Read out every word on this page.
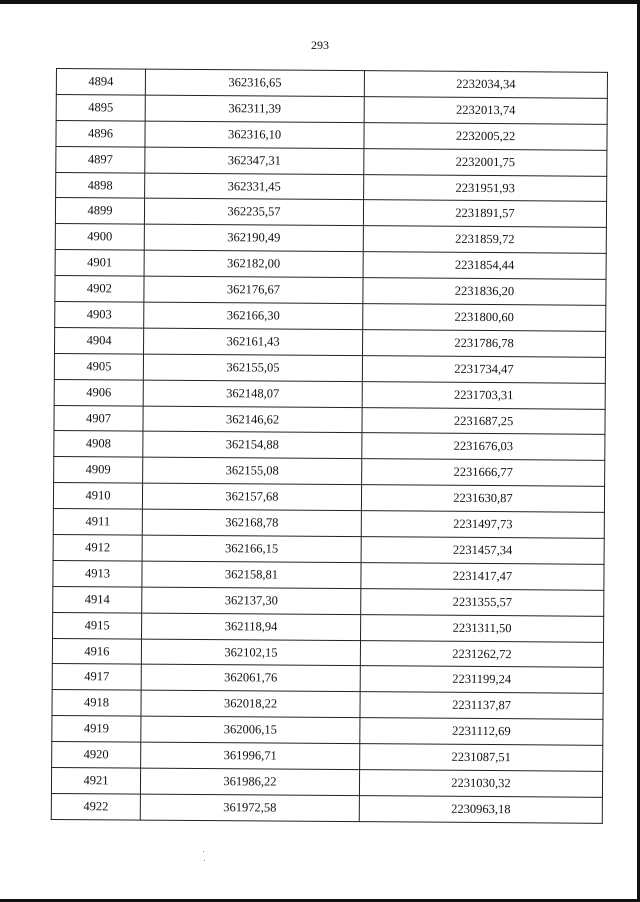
293
4894	362316,65	2232034,34
4895	362311,39	2232013,74
4896	362316,10	2232005,22
4897	362347,31	2232001,75
4898	362331,45	2231951,93
4899	362235,57	2231891,57
4900	362190,49	2231859,72
4901	362182,00	2231854,44
4902	362176,67	2231836,20
4903	362166,30	2231800,60
4904	362161,43	2231786,78
4905	362155,05	2231734,47
4906	362148,07	2231703,31
4907	362146,62	2231687,25
4908	362154,88	2231676,03
4909	362155,08	2231666,77
4910	362157,68	2231630,87
4911	362168,78	2231497,73
4912	362166,15	2231457,34
4913	362158,81	2231417,47
4914	362137,30	2231355,57
4915	362118,94	2231311,50
4916	362102,15	2231262,72
4917	362061,76	2231199,24
4918	362018,22	2231137,87
4919	362006,15	2231112,69
4920	361996,71	2231087,51
4921	361986,22	2231030,32
4922	361972,58	2230963,18
